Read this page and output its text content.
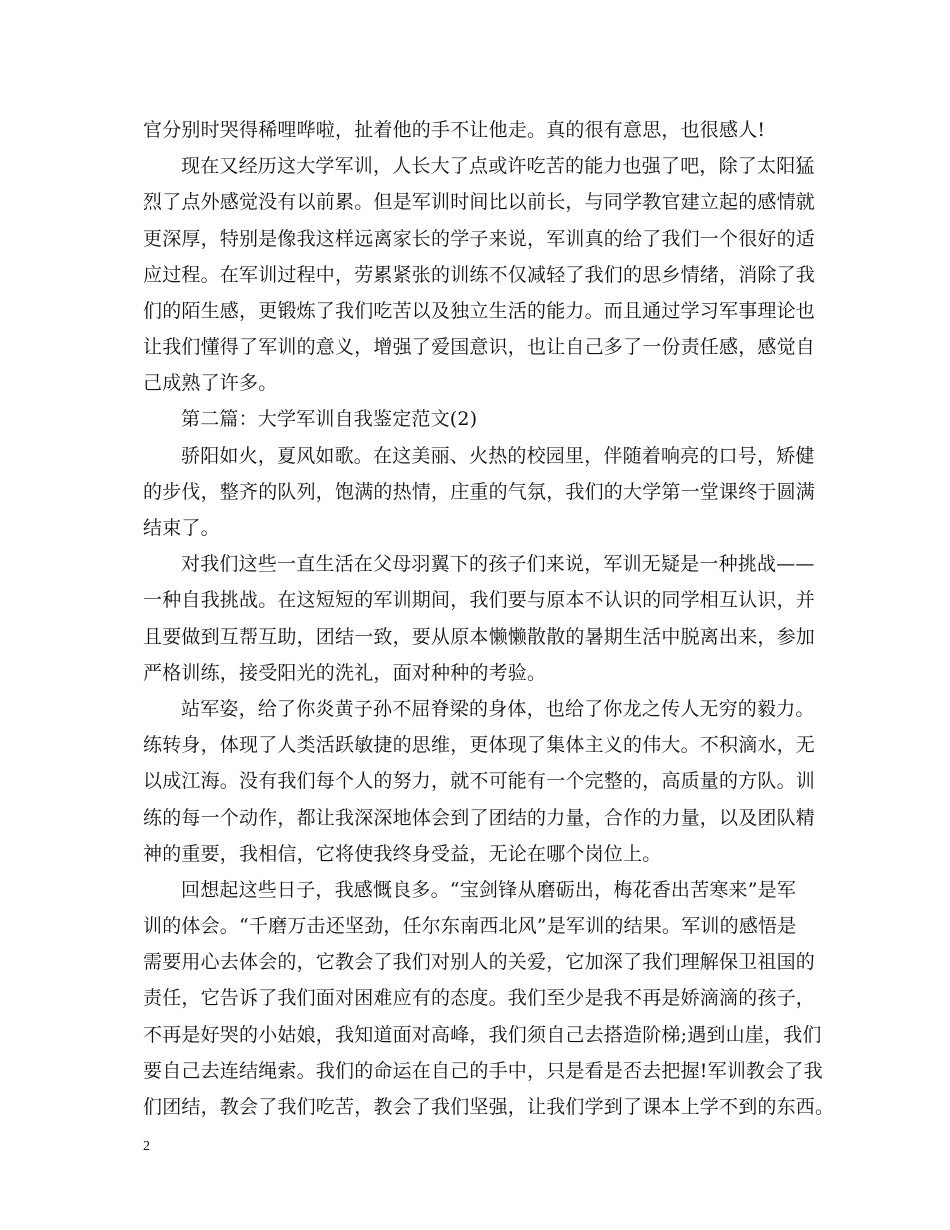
官分别时哭得稀哩哗啦，扯着他的手不让他走。真的很有意思，也很感人!
现在又经历这大学军训，人长大了点或许吃苦的能力也强了吧，除了太阳猛
烈了点外感觉没有以前累。但是军训时间比以前长，与同学教官建立起的感情就
更深厚，特别是像我这样远离家长的学子来说，军训真的给了我们一个很好的适
应过程。在军训过程中，劳累紧张的训练不仅减轻了我们的思乡情绪，消除了我
们的陌生感，更锻炼了我们吃苦以及独立生活的能力。而且通过学习军事理论也
让我们懂得了军训的意义，增强了爱国意识，也让自己多了一份责任感，感觉自
己成熟了许多。
第二篇：大学军训自我鉴定范文(2)
骄阳如火，夏风如歌。在这美丽、火热的校园里，伴随着响亮的口号，矫健
的步伐，整齐的队列，饱满的热情，庄重的气氛，我们的大学第一堂课终于圆满
结束了。
对我们这些一直生活在父母羽翼下的孩子们来说，军训无疑是一种挑战——
一种自我挑战。在这短短的军训期间，我们要与原本不认识的同学相互认识，并
且要做到互帮互助，团结一致，要从原本懒懒散散的暑期生活中脱离出来，参加
严格训练，接受阳光的洗礼，面对种种的考验。
站军姿，给了你炎黄子孙不屈脊梁的身体，也给了你龙之传人无穷的毅力。
练转身，体现了人类活跃敏捷的思维，更体现了集体主义的伟大。不积滴水，无
以成江海。没有我们每个人的努力，就不可能有一个完整的，高质量的方队。训
练的每一个动作，都让我深深地体会到了团结的力量，合作的力量，以及团队精
神的重要，我相信，它将使我终身受益，无论在哪个岗位上。
回想起这些日子，我感慨良多。“宝剑锋从磨砺出，梅花香出苦寒来”是军
训的体会。“千磨万击还坚劲，任尔东南西北风”是军训的结果。军训的感悟是
需要用心去体会的，它教会了我们对别人的关爱，它加深了我们理解保卫祖国的
责任，它告诉了我们面对困难应有的态度。我们至少是我不再是娇滴滴的孩子，
不再是好哭的小姑娘，我知道面对高峰，我们须自己去搭造阶梯;遇到山崖，我们
要自己去连结绳索。我们的命运在自己的手中，只是看是否去把握!军训教会了我
们团结，教会了我们吃苦，教会了我们坚强，让我们学到了课本上学不到的东西。
2
